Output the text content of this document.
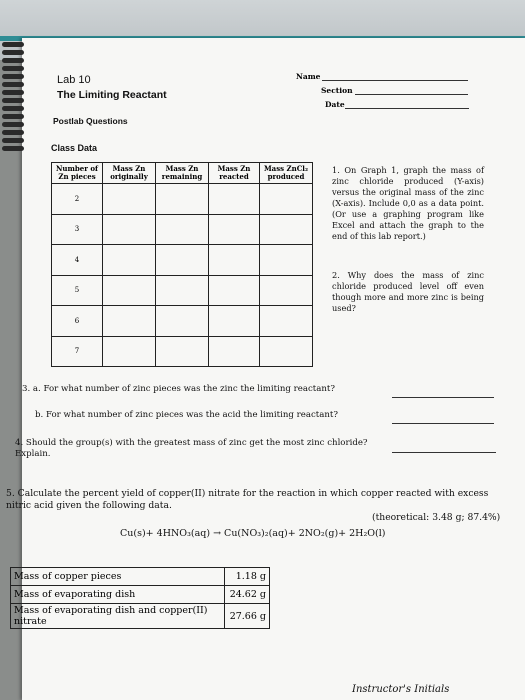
Lab 10
The Limiting Reactant
Postlab Questions
Class Data
Name
Section
Date
Number of Zn pieces	Mass Zn originally	Mass Zn remaining	Mass Zn reacted	Mass ZnCl₂ produced
2				
3				
4				
5				
6				
7				
1. On Graph 1, graph the mass of zinc chloride produced (Y-axis) versus the original mass of the zinc (X-axis). Include 0,0 as a data point. (Or use a graphing program like Excel and attach the graph to the end of this lab report.)
2. Why does the mass of zinc chloride produced level off even though more and more zinc is being used?
3. a. For what number of zinc pieces was the zinc the limiting reactant?
b. For what number of zinc pieces was the acid the limiting reactant?
4. Should the group(s) with the greatest mass of zinc get the most zinc chloride? Explain.
5. Calculate the percent yield of copper(II) nitrate for the reaction in which copper reacted with excess nitric acid given the following data.
(theoretical: 3.48 g; 87.4%)
Cu(s)+ 4HNO₃(aq) → Cu(NO₃)₂(aq)+ 2NO₂(g)+ 2H₂O(l)
Mass of copper pieces	1.18 g
Mass of evaporating dish	24.62 g
Mass of evaporating dish and copper(II) nitrate	27.66 g
Instructor's Initials
